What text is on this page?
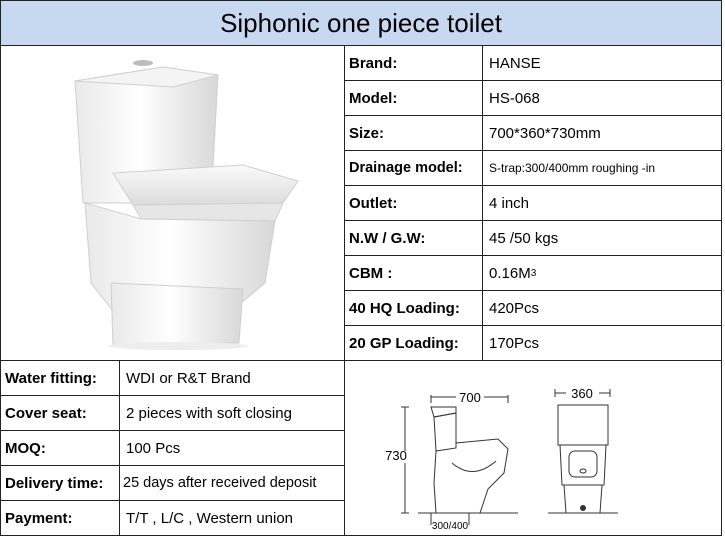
Siphonic one piece toilet
Brand:	HANSE
Model:	HS-068
Size:	700*360*730mm
Drainage model:	S-trap:300/400mm roughing -in
Outlet:	4 inch
N.W / G.W:	45 /50 kgs
CBM :	0.16M 3
40 HQ Loading:	420Pcs
20 GP Loading:	170Pcs
700
730
300/400
360
Water fitting:	WDI or R&T Brand
Cover seat:	2 pieces with soft closing
MOQ:	100 Pcs
Delivery time:	25 days after received deposit
Payment:	T/T , L/C , Western union
